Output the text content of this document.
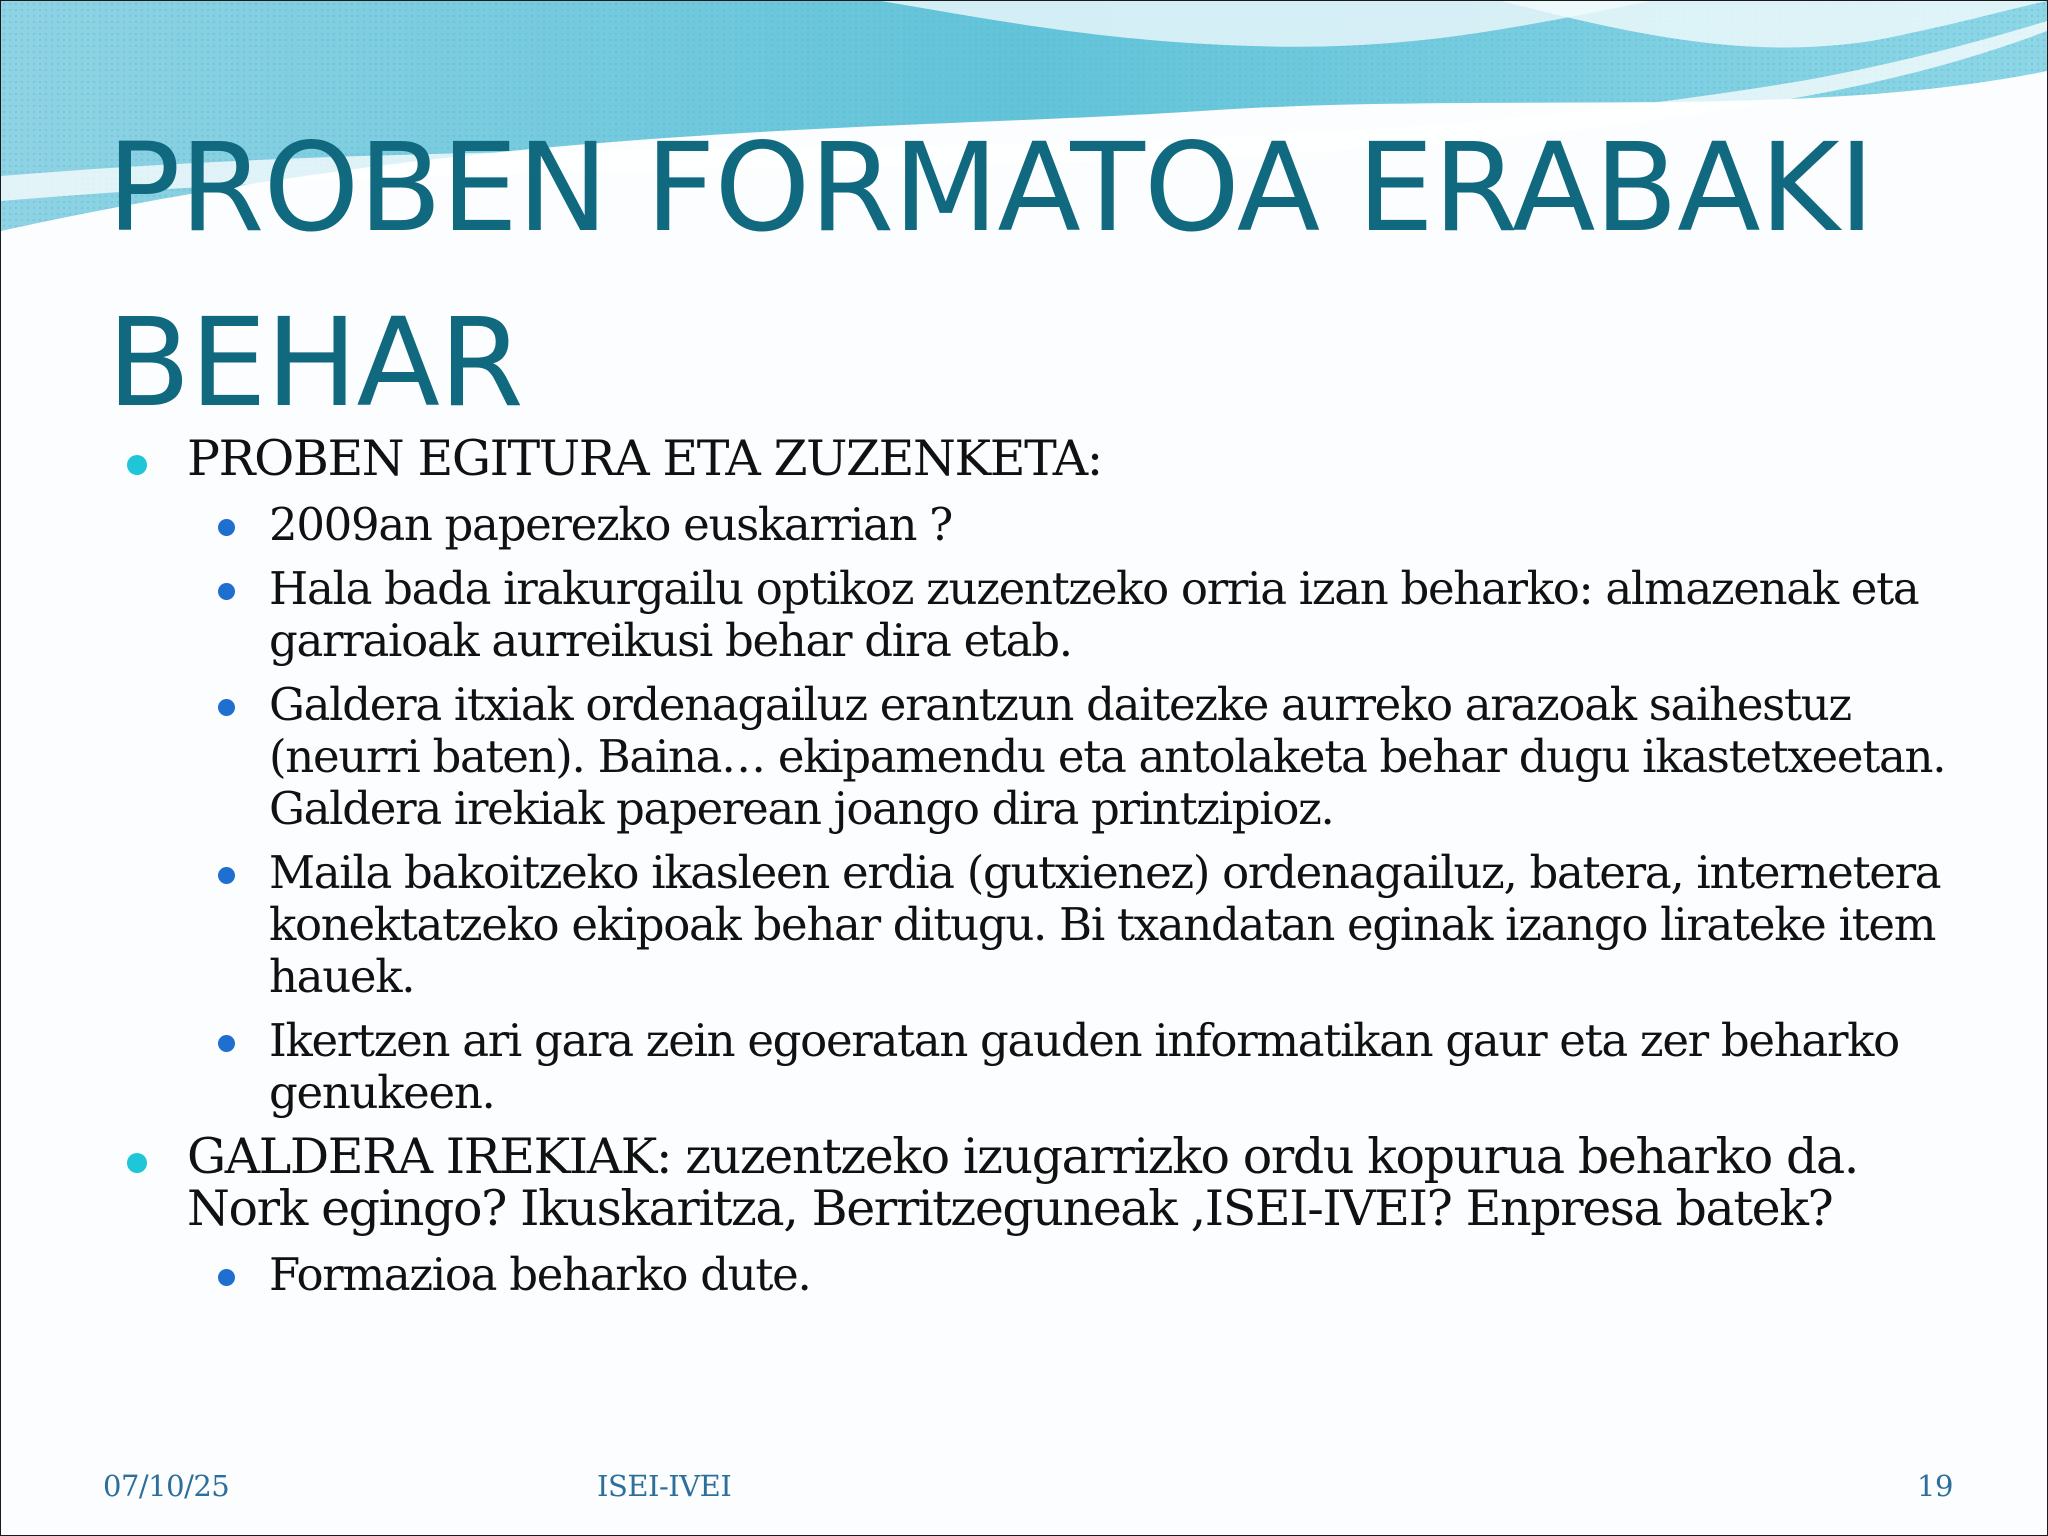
PROBEN FORMATOA ERABAKI BEHAR
PROBEN EGITURA ETA ZUZENKETA:
2009an paperezko euskarrian ?
Hala bada irakurgailu optikoz zuzentzeko orria izan beharko: almazenak eta garraioak aurreikusi behar dira etab.
Galdera itxiak ordenagailuz erantzun daitezke aurreko arazoak saihestuz (neurri baten). Baina… ekipamendu eta antolaketa behar dugu ikastetxeetan. Galdera irekiak paperean joango dira printzipioz.
Maila bakoitzeko ikasleen erdia (gutxienez) ordenagailuz, batera, internetera konektatzeko ekipoak behar ditugu. Bi txandatan eginak izango lirateke item hauek.
Ikertzen ari gara zein egoeratan gauden informatikan gaur eta zer beharko genukeen.
GALDERA IREKIAK: zuzentzeko izugarrizko ordu kopurua beharko da. Nork egingo? Ikuskaritza, Berritzeguneak ,ISEI-IVEI? Enpresa batek?
Formazioa beharko dute.
07/10/25	ISEI-IVEI	19
